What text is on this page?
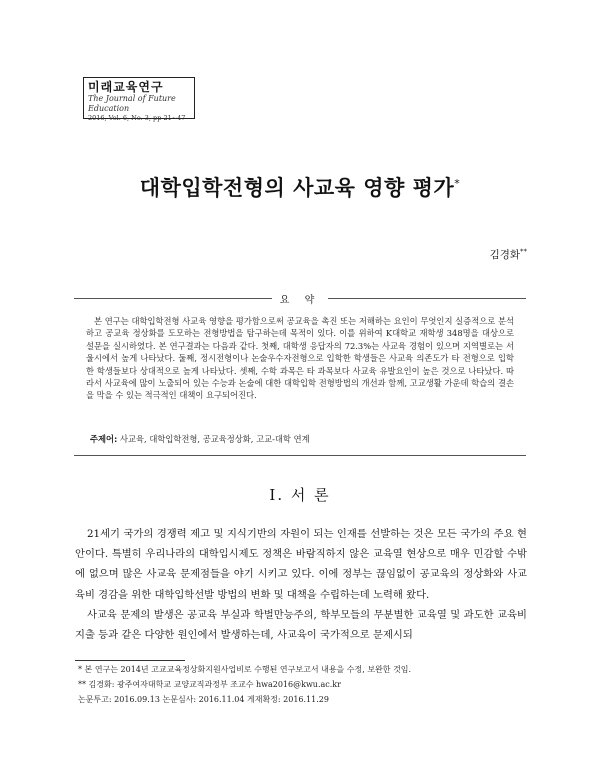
미래교육연구
The Journal of Future Education
2016, Vol. 6, No. 3, pp 21~47
대학입학전형의 사교육 영향 평가*
김경화**
요 약

본 연구는 대학입학전형 사교육 영향을 평가함으로써 공교육을 촉진 또는 저해하는 요인이 무엇인지 실증적으로 분석하고 공교육 정상화를 도모하는 전형방법을 탐구하는데 목적이 있다. 이를 위하여 K대학교 재학생 348명을 대상으로 설문을 실시하였다. 본 연구결과는 다음과 같다. 첫째, 대학생 응답자의 72.3%는 사교육 경험이 있으며 지역별로는 서울시에서 높게 나타났다. 둘째, 정시전형이나 논술우수자전형으로 입학한 학생들은 사교육 의존도가 타 전형으로 입학한 학생들보다 상대적으로 높게 나타났다. 셋째, 수학 과목은 타 과목보다 사교육 유발요인이 높은 것으로 나타났다. 따라서 사교육에 많이 노출되어 있는 수능과 논술에 대한 대학입학 전형방법의 개선과 함께, 고교생활 가운데 학습의 결손을 막을 수 있는 적극적인 대책이 요구되어진다.

주제어: 사교육, 대학입학전형, 공교육정상화, 고교-대학 연계
Ⅰ. 서 론

21세기 국가의 경쟁력 제고 및 지식기반의 자원이 되는 인재를 선발하는 것은 모든 국가의 주요 현안이다. 특별히 우리나라의 대학입시제도 정책은 바람직하지 않은 교육열 현상으로 매우 민감할 수밖에 없으며 많은 사교육 문제점들을 야기 시키고 있다. 이에 정부는 끊임없이 공교육의 정상화와 사교육비 경감을 위한 대학입학선발 방법의 변화 및 대책을 수립하는데 노력해 왔다.

사교육 문제의 발생은 공교육 부실과 학벌만능주의, 학부모들의 무분별한 교육열 및 과도한 교육비 지출 등과 같은 다양한 원인에서 발생하는데, 사교육이 국가적으로 문제시되

* 본 연구는 2014년 고교교육정상화지원사업비로 수행된 연구보고서 내용을 수정, 보완한 것임.
** 김경화: 광주여자대학교 교양교직과정부 조교수 hwa2016@kwu.ac.kr
논문투고: 2016.09.13 논문심사: 2016.11.04 게재확정: 2016.11.29
